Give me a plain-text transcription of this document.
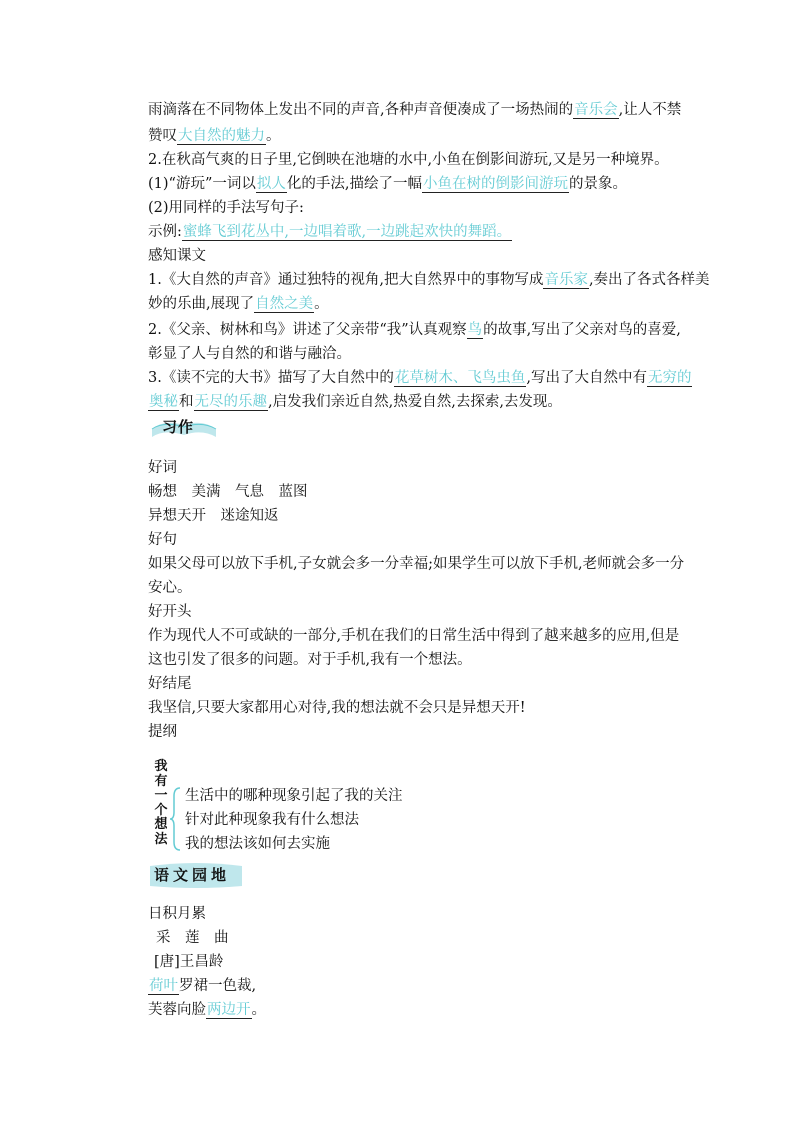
雨滴落在不同物体上发出不同的声音,各种声音便凑成了一场热闹的音乐会,让人不禁
赞叹大自然的魅力。
2.在秋高气爽的日子里,它倒映在池塘的水中,小鱼在倒影间游玩,又是另一种境界。
(1)“游玩”一词以拟人化的手法,描绘了一幅小鱼在树的倒影间游玩的景象。
(2)用同样的手法写句子:
示例:蜜蜂飞到花丛中,一边唱着歌,一边跳起欢快的舞蹈。
感知课文
1.《大自然的声音》通过独特的视角,把大自然界中的事物写成音乐家,奏出了各式各样美
妙的乐曲,展现了自然之美。
2.《父亲、树林和鸟》讲述了父亲带“我”认真观察鸟的故事,写出了父亲对鸟的喜爱,
彰显了人与自然的和谐与融洽。
3.《读不完的大书》描写了大自然中的花草树木、飞鸟虫鱼,写出了大自然中有无穷的
奥秘和无尽的乐趣,启发我们亲近自然,热爱自然,去探索,去发现。
习作
好词
畅想　美满　气息　蓝图
异想天开　迷途知返
好句
如果父母可以放下手机,子女就会多一分幸福;如果学生可以放下手机,老师就会多一分
安心。
好开头
作为现代人不可或缺的一部分,手机在我们的日常生活中得到了越来越多的应用,但是
这也引发了很多的问题。对于手机,我有一个想法。
好结尾
我坚信,只要大家都用心对待,我的想法就不会只是异想天开!
提纲
我有一个想法
生活中的哪种现象引起了我的关注
针对此种现象我有什么想法
我的想法该如何去实施
语文园地
日积月累
采　莲　曲
[唐]王昌龄
荷叶罗裙一色裁,
芙蓉向脸两边开。
